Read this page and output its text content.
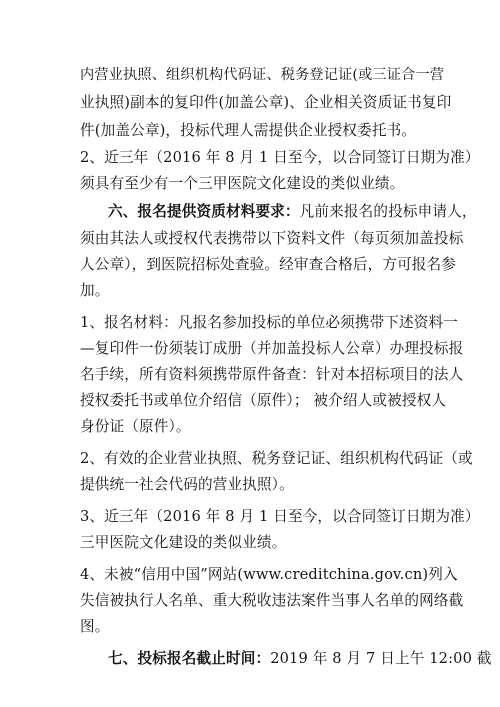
内营业执照、组织机构代码证、税务登记证(或三证合一营
业执照)副本的复印件(加盖公章)、企业相关资质证书复印
件(加盖公章)，投标代理人需提供企业授权委托书。
2、近三年（2016 年 8 月 1 日至今，以合同签订日期为准）
须具有至少有一个三甲医院文化建设的类似业绩。
六、报名提供资质材料要求：凡前来报名的投标申请人，
须由其法人或授权代表携带以下资料文件（每页须加盖投标
人公章），到医院招标处查验。经审查合格后，方可报名参
加。
1、报名材料：凡报名参加投标的单位必须携带下述资料一
—复印件一份须装订成册（并加盖投标人公章）办理投标报
名手续，所有资料须携带原件备查：针对本招标项目的法人
授权委托书或单位介绍信（原件）； 被介绍人或被授权人
身份证（原件）。
2、有效的企业营业执照、税务登记证、组织机构代码证（或
提供统一社会代码的营业执照）。
3、近三年（2016 年 8 月 1 日至今，以合同签订日期为准）
三甲医院文化建设的类似业绩。
4、未被“信用中国”网站(www.creditchina.gov.cn)列入
失信被执行人名单、重大税收违法案件当事人名单的网络截
图。
七、投标报名截止时间：2019 年 8 月 7 日上午 12:00 截
